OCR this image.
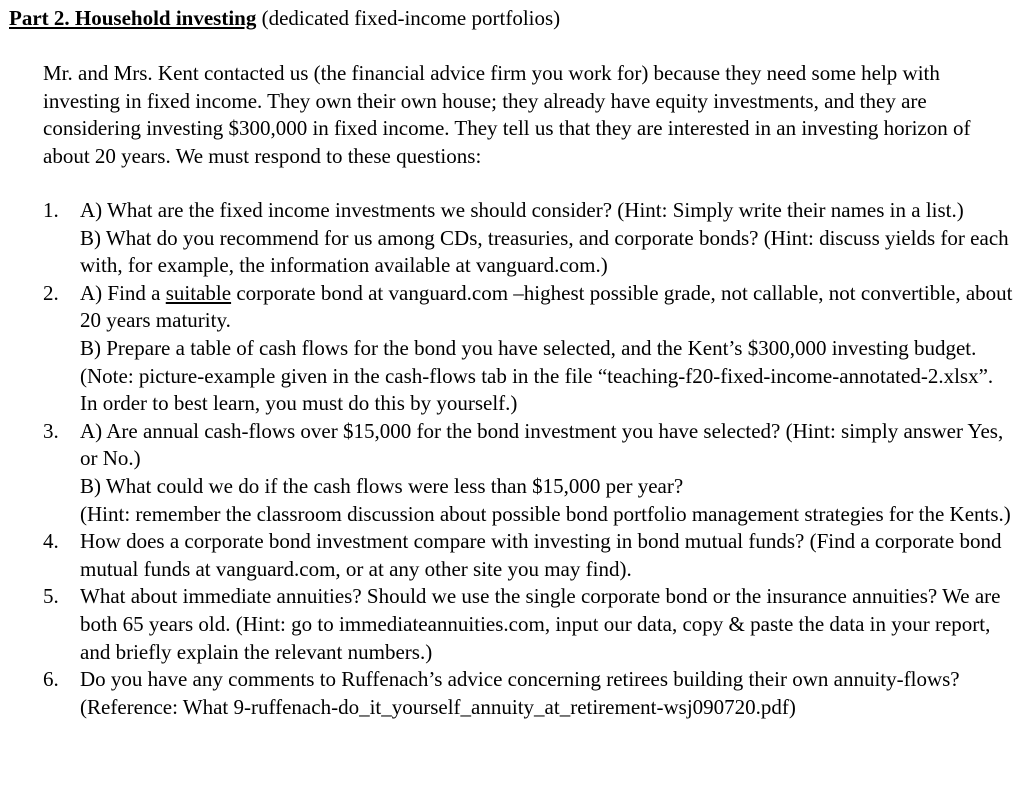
Part 2. Household investing (dedicated fixed-income portfolios)

Mr. and Mrs. Kent contacted us (the financial advice firm you work for) because they need some help with investing in fixed income. They own their own house; they already have equity investments, and they are considering investing $300,000 in fixed income. They tell us that they are interested in an investing horizon of about 20 years. We must respond to these questions:

1. A) What are the fixed income investments we should consider? (Hint: Simply write their names in a list.)
B) What do you recommend for us among CDs, treasuries, and corporate bonds? (Hint: discuss yields for each with, for example, the information available at vanguard.com.)
2. A) Find a suitable corporate bond at vanguard.com –highest possible grade, not callable, not convertible, about 20 years maturity.
B) Prepare a table of cash flows for the bond you have selected, and the Kent’s $300,000 investing budget. (Note: picture-example given in the cash-flows tab in the file “teaching-f20-fixed-income-annotated-2.xlsx”. In order to best learn, you must do this by yourself.)
3. A) Are annual cash-flows over $15,000 for the bond investment you have selected? (Hint: simply answer Yes, or No.)
B) What could we do if the cash flows were less than $15,000 per year?
(Hint: remember the classroom discussion about possible bond portfolio management strategies for the Kents.)
4. How does a corporate bond investment compare with investing in bond mutual funds? (Find a corporate bond mutual funds at vanguard.com, or at any other site you may find).
5. What about immediate annuities? Should we use the single corporate bond or the insurance annuities? We are both 65 years old. (Hint: go to immediateannuities.com, input our data, copy & paste the data in your report, and briefly explain the relevant numbers.)
6. Do you have any comments to Ruffenach’s advice concerning retirees building their own annuity-flows? (Reference: What 9-ruffenach-do_it_yourself_annuity_at_retirement-wsj090720.pdf)
